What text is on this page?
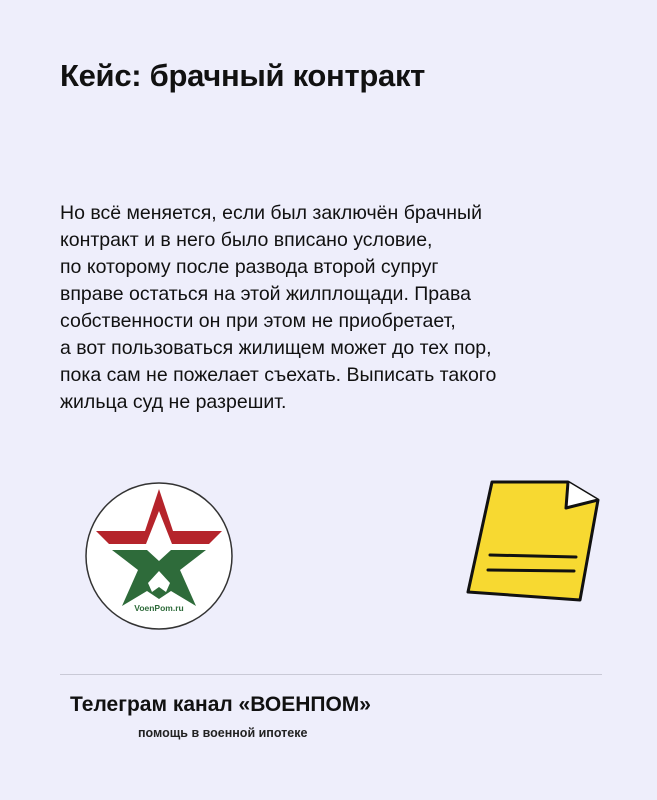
Кейс: брачный контракт

Но всё меняется, если был заключён брачный
контракт и в него было вписано условие,
по которому после развода второй супруг
вправе остаться на этой жилплощади. Права
собственности он при этом не приобретает,
а вот пользоваться жилищем может до тех пор,
пока сам не пожелает съехать. Выписать такого
жильца суд не разрешит.

VoenPom.ru
Телеграм канал «ВОЕНПОМ»
помощь в военной ипотеке
